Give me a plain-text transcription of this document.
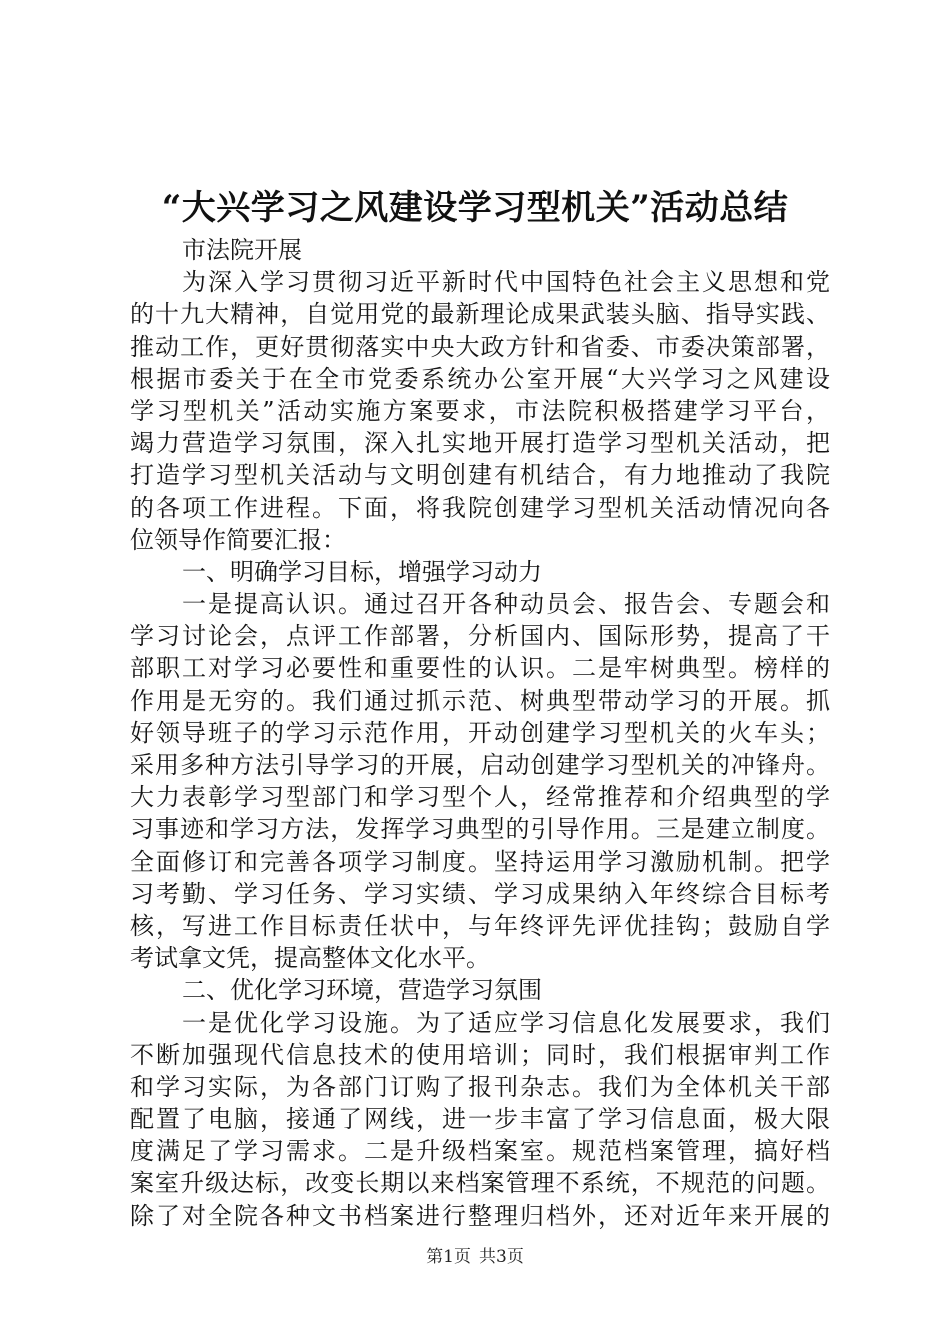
“大兴学习之风建设学习型机关”活动总结
市法院开展
为深入学习贯彻习近平新时代中国特色社会主义思想和党
的十九大精神，自觉用党的最新理论成果武装头脑、指导实践、
推动工作，更好贯彻落实中央大政方针和省委、市委决策部署，
根据市委关于在全市党委系统办公室开展“大兴学习之风建设
学习型机关”活动实施方案要求，市法院积极搭建学习平台，
竭力营造学习氛围，深入扎实地开展打造学习型机关活动，把
打造学习型机关活动与文明创建有机结合，有力地推动了我院
的各项工作进程。下面，将我院创建学习型机关活动情况向各
位领导作简要汇报：
一、明确学习目标，增强学习动力
一是提高认识。通过召开各种动员会、报告会、专题会和
学习讨论会，点评工作部署，分析国内、国际形势，提高了干
部职工对学习必要性和重要性的认识。二是牢树典型。榜样的
作用是无穷的。我们通过抓示范、树典型带动学习的开展。抓
好领导班子的学习示范作用，开动创建学习型机关的火车头；
采用多种方法引导学习的开展，启动创建学习型机关的冲锋舟。
大力表彰学习型部门和学习型个人，经常推荐和介绍典型的学
习事迹和学习方法，发挥学习典型的引导作用。三是建立制度。
全面修订和完善各项学习制度。坚持运用学习激励机制。把学
习考勤、学习任务、学习实绩、学习成果纳入年终综合目标考
核，写进工作目标责任状中，与年终评先评优挂钩；鼓励自学
考试拿文凭，提高整体文化水平。
二、优化学习环境，营造学习氛围
一是优化学习设施。为了适应学习信息化发展要求，我们
不断加强现代信息技术的使用培训；同时，我们根据审判工作
和学习实际，为各部门订购了报刊杂志。我们为全体机关干部
配置了电脑，接通了网线，进一步丰富了学习信息面，极大限
度满足了学习需求。二是升级档案室。规范档案管理，搞好档
案室升级达标，改变长期以来档案管理不系统，不规范的问题。
除了对全院各种文书档案进行整理归档外，还对近年来开展的
第1页 共3页
